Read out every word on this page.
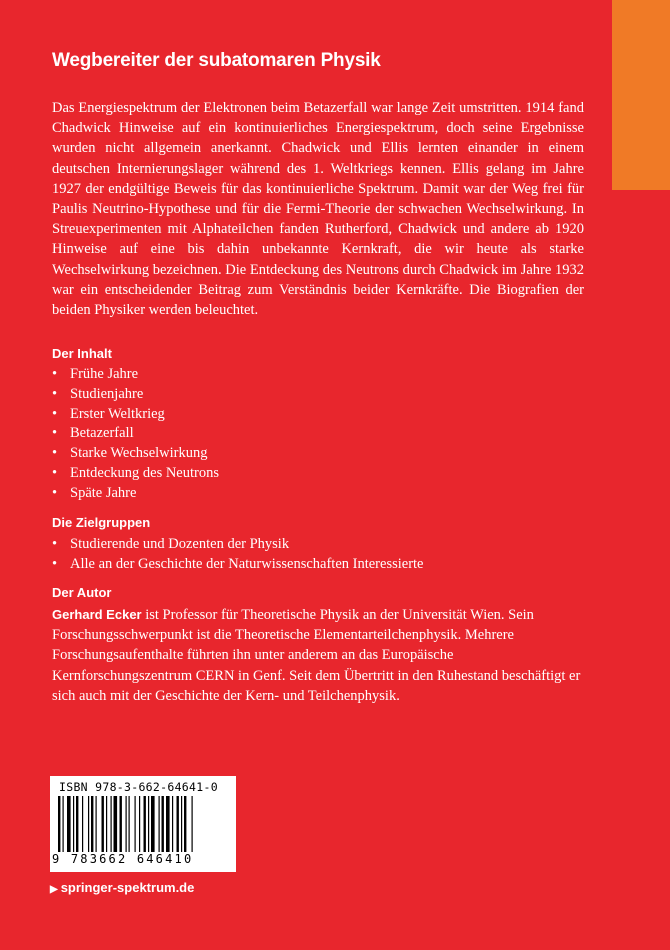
Wegbereiter der subatomaren Physik
Das Energiespektrum der Elektronen beim Betazerfall war lange Zeit umstritten. 1914 fand Chadwick Hinweise auf ein kontinuierliches Energiespektrum, doch seine Ergebnisse wurden nicht allgemein anerkannt. Chadwick und Ellis lernten einander in einem deutschen Internierungslager während des 1. Weltkriegs kennen. Ellis gelang im Jahre 1927 der endgültige Beweis für das kontinuierliche Spektrum. Damit war der Weg frei für Paulis Neutrino-Hypothese und für die Fermi-Theorie der schwachen Wechselwirkung. In Streuexperimenten mit Alphateilchen fanden Rutherford, Chadwick und andere ab 1920 Hinweise auf eine bis dahin unbekannte Kernkraft, die wir heute als starke Wechselwirkung bezeichnen. Die Entdeckung des Neutrons durch Chadwick im Jahre 1932 war ein entscheidender Beitrag zum Verständnis beider Kernkräfte. Die Biografien der beiden Physiker werden beleuchtet.
Der Inhalt
• Frühe Jahre
• Studienjahre
• Erster Weltkrieg
• Betazerfall
• Starke Wechselwirkung
• Entdeckung des Neutrons
• Späte Jahre
Die Zielgruppen
• Studierende und Dozenten der Physik
• Alle an der Geschichte der Naturwissenschaften Interessierte
Der Autor
Gerhard Ecker ist Professor für Theoretische Physik an der Universität Wien. Sein Forschungsschwerpunkt ist die Theoretische Elementarteilchenphysik. Mehrere Forschungsaufenthalte führten ihn unter anderem an das Europäische Kernforschungszentrum CERN in Genf. Seit dem Übertritt in den Ruhestand beschäftigt er sich auch mit der Geschichte der Kern- und Teilchenphysik.
ISBN 978-3-662-64641-0
9 783662 646410
▶ springer-spektrum.de
